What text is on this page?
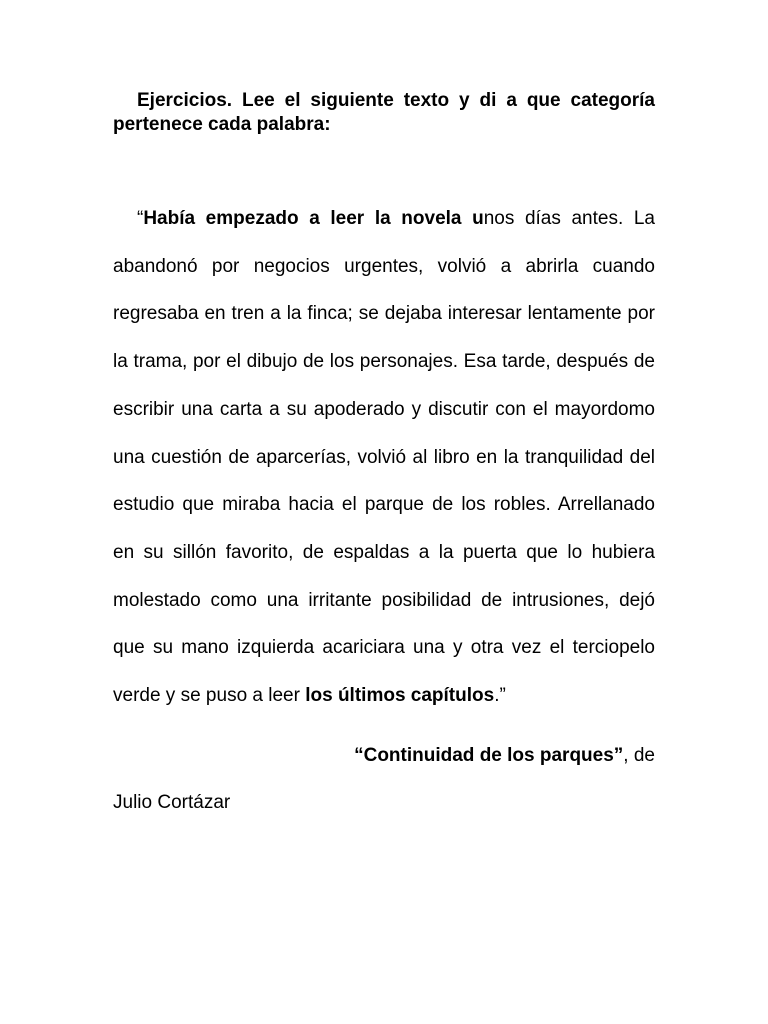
Ejercicios. Lee el siguiente texto y di a que categoría pertenece cada palabra:

“Había empezado a leer la novela unos días antes. La abandonó por negocios urgentes, volvió a abrirla cuando regresaba en tren a la finca; se dejaba interesar lentamente por la trama, por el dibujo de los personajes. Esa tarde, después de escribir una carta a su apoderado y discutir con el mayordomo una cuestión de aparcerías, volvió al libro en la tranquilidad del estudio que miraba hacia el parque de los robles. Arrellanado en su sillón favorito, de espaldas a la puerta que lo hubiera molestado como una irritante posibilidad de intrusiones, dejó que su mano izquierda acariciara una y otra vez el terciopelo verde y se puso a leer los últimos capítulos.”

“Continuidad de los parques”, de
Julio Cortázar
